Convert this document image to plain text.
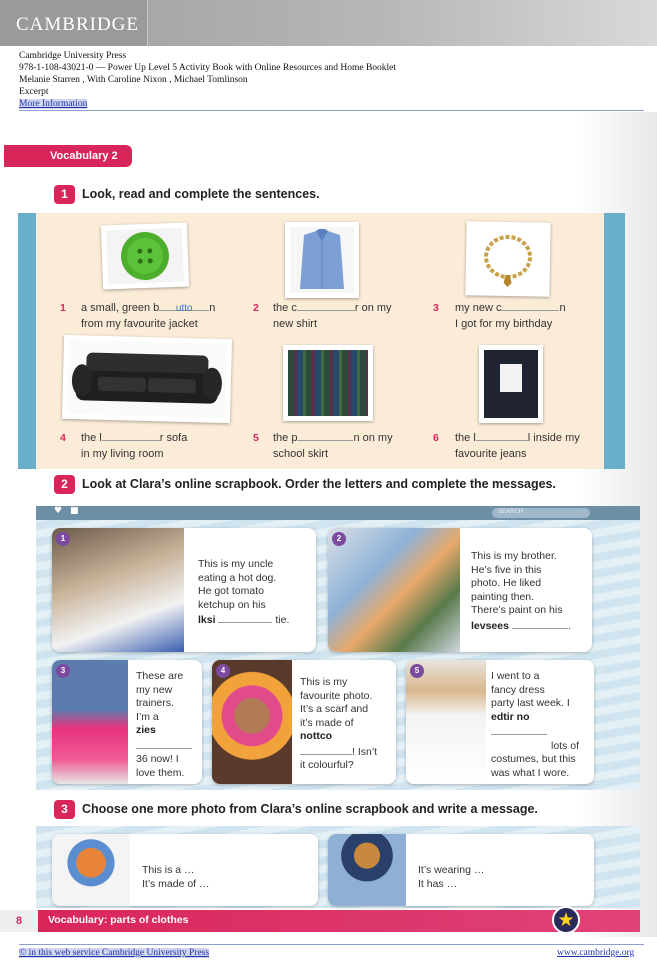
CAMBRIDGE
Cambridge University Press
978-1-108-43021-0 — Power Up Level 5 Activity Book with Online Resources and Home Booklet
Melanie Starren , With Caroline Nixon , Michael Tomlinson
Excerpt
More Information
Vocabulary 2
1	Look, read and complete the sentences.
1 a small, green b utto n
from my favourite jacket
2 the c	r on my
new shirt
3 my new c	n
I got for my birthday
4 the l	r sofa
in my living room
5 the p	n on my
school skirt
6 the l	l inside my
favourite jeans
2	Look at Clara’s online scrapbook. Order the letters and complete the messages.
♥ ■	SEARCH
1
This is my uncle
eating a hot dog.
He got tomato
ketchup on his
lksi	tie.
2
This is my brother.
He’s five in this
photo. He liked
painting then.
There’s paint on his
levsees	.
3	These are
my new
trainers.
I’m a
zies
36 now! I
love them.
4
This is my
favourite photo.
It’s a scarf and
it’s made of
nottco
! Isn’t
it colourful?
5	I went to a
fancy dress
party last week. I
edtir no
lots of
costumes, but this
was what I wore.
3	Choose one more photo from Clara’s online scrapbook and write a message.
This is a …
It’s made of …
It’s wearing …
It has …
8	Vocabulary: parts of clothes	★
© in this web service Cambridge University Press	www.cambridge.org
